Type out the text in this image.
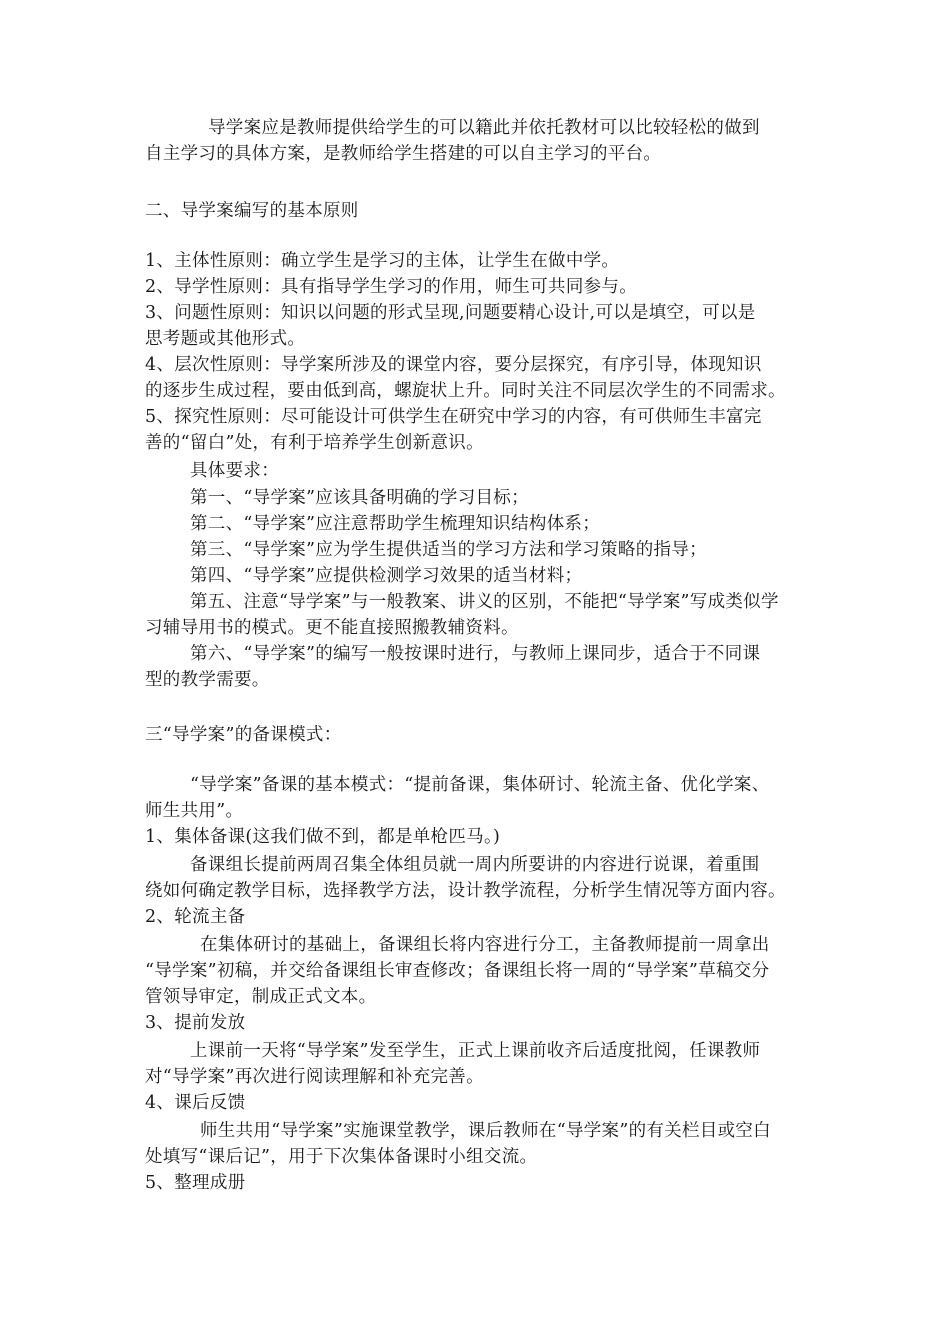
导学案应是教师提供给学生的可以籍此并依托教材可以比较轻松的做到
自主学习的具体方案，是教师给学生搭建的可以自主学习的平台。
二、导学案编写的基本原则
1、主体性原则：确立学生是学习的主体，让学生在做中学。
2、导学性原则：具有指导学生学习的作用，师生可共同参与。
3、问题性原则：知识以问题的形式呈现,问题要精心设计,可以是填空，可以是
思考题或其他形式。
4、层次性原则：导学案所涉及的课堂内容，要分层探究，有序引导，体现知识
的逐步生成过程，要由低到高，螺旋状上升。同时关注不同层次学生的不同需求。
5、探究性原则：尽可能设计可供学生在研究中学习的内容，有可供师生丰富完
善的“留白”处，有利于培养学生创新意识。
具体要求：
第一、“导学案”应该具备明确的学习目标；
第二、“导学案”应注意帮助学生梳理知识结构体系；
第三、“导学案”应为学生提供适当的学习方法和学习策略的指导；
第四、“导学案”应提供检测学习效果的适当材料；
第五、注意“导学案”与一般教案、讲义的区别，不能把“导学案”写成类似学
习辅导用书的模式。更不能直接照搬教辅资料。
第六、“导学案”的编写一般按课时进行，与教师上课同步，适合于不同课
型的教学需要。
三“导学案”的备课模式：
“导学案”备课的基本模式：“提前备课，集体研讨、轮流主备、优化学案、
师生共用”。
1、集体备课(这我们做不到，都是单枪匹马。)
备课组长提前两周召集全体组员就一周内所要讲的内容进行说课，着重围
绕如何确定教学目标，选择教学方法，设计教学流程，分析学生情况等方面内容。
2、轮流主备
在集体研讨的基础上，备课组长将内容进行分工，主备教师提前一周拿出
“导学案”初稿，并交给备课组长审查修改；备课组长将一周的“导学案”草稿交分
管领导审定，制成正式文本。
3、提前发放
上课前一天将“导学案”发至学生，正式上课前收齐后适度批阅，任课教师
对“导学案”再次进行阅读理解和补充完善。
4、课后反馈
师生共用“导学案”实施课堂教学，课后教师在“导学案”的有关栏目或空白
处填写“课后记”，用于下次集体备课时小组交流。
5、整理成册
